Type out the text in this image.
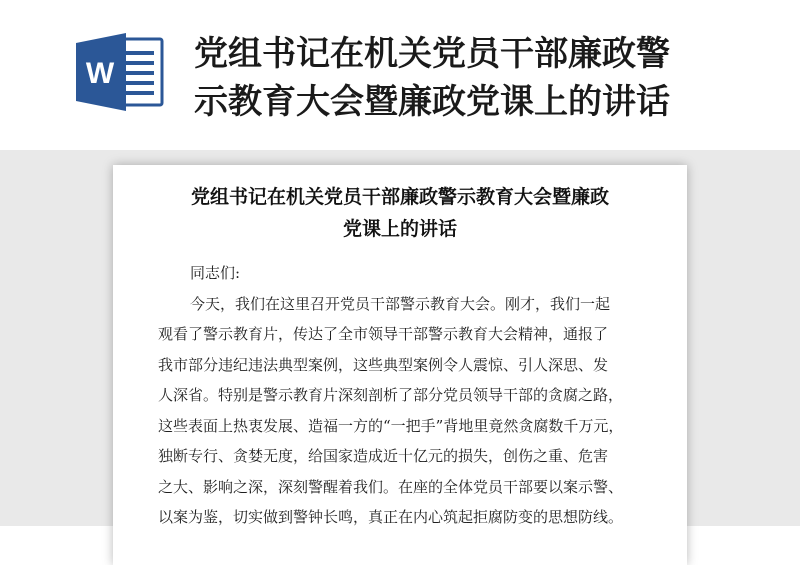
W 党组书记在机关党员干部廉政警
示教育大会暨廉政党课上的讲话
党组书记在机关党员干部廉政警示教育大会暨廉政
党课上的讲话

同志们:

今天，我们在这里召开党员干部警示教育大会。刚才，我们一起
观看了警示教育片，传达了全市领导干部警示教育大会精神，通报了
我市部分违纪违法典型案例，这些典型案例令人震惊、引人深思、发
人深省。特别是警示教育片深刻剖析了部分党员领导干部的贪腐之路，
这些表面上热衷发展、造福一方的“一把手”背地里竟然贪腐数千万元，
独断专行、贪婪无度，给国家造成近十亿元的损失，创伤之重、危害
之大、影响之深，深刻警醒着我们。在座的全体党员干部要以案示警、
以案为鉴，切实做到警钟长鸣，真正在内心筑起拒腐防变的思想防线。
